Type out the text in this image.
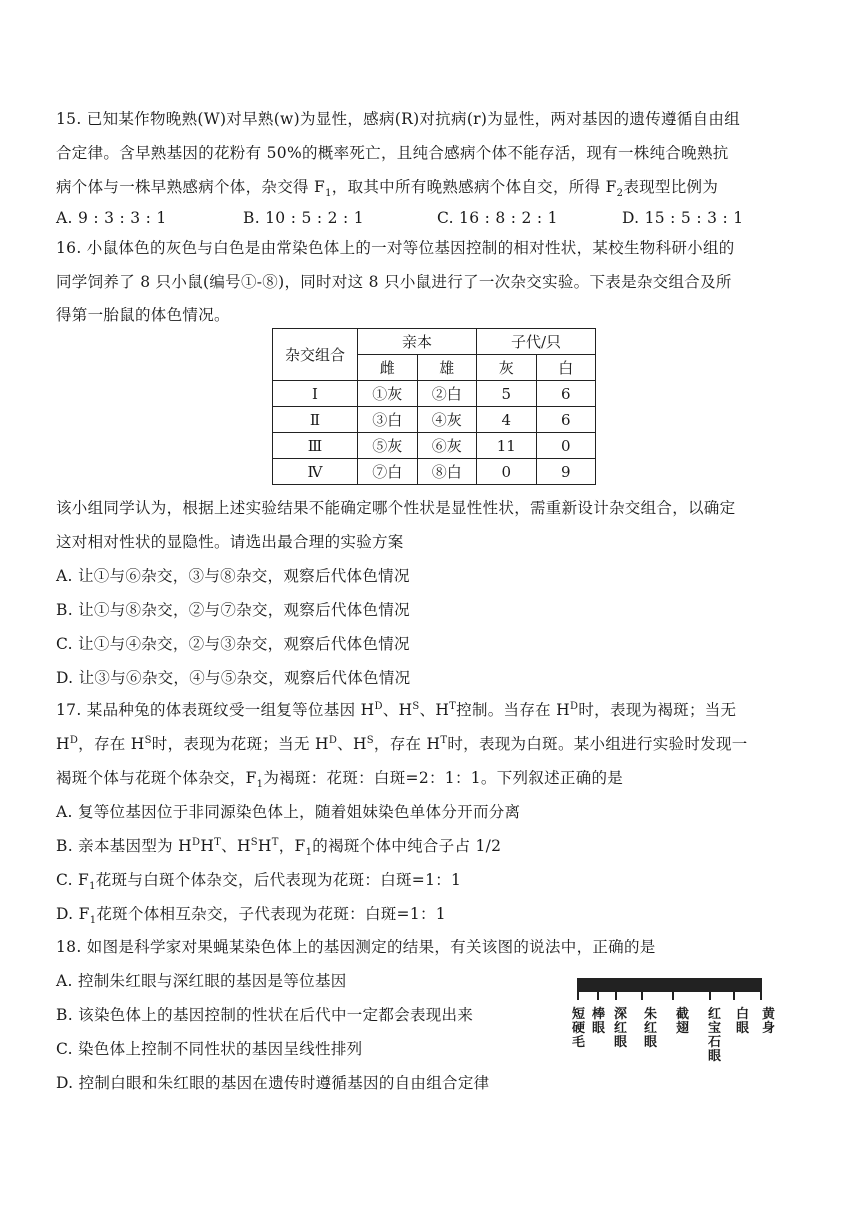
15. 已知某作物晚熟(W)对早熟(w)为显性，感病(R)对抗病(r)为显性，两对基因的遗传遵循自由组
合定律。含早熟基因的花粉有 50%的概率死亡，且纯合感病个体不能存活，现有一株纯合晚熟抗
病个体与一株早熟感病个体，杂交得 $F_1$，取其中所有晚熟感病个体自交，所得 $F_2$表现型比例为
A. 9 : 3 : 3 : 1	B. 10 : 5 : 2 : 1	C. 16 : 8 : 2 : 1	D. 15 : 5 : 3 : 1
16. 小鼠体色的灰色与白色是由常染色体上的一对等位基因控制的相对性状，某校生物科研小组的
同学饲养了 8 只小鼠(编号①-⑧)，同时对这 8 只小鼠进行了一次杂交实验。下表是杂交组合及所
得第一胎鼠的体色情况。
杂交组合	亲本		子代/只	
	雌	雄	灰	白
Ⅰ	①灰	②白	5	6
Ⅱ	③白	④灰	4	6
Ⅲ	⑤灰	⑥灰	11	0
Ⅳ	⑦白	⑧白	0	9
该小组同学认为，根据上述实验结果不能确定哪个性状是显性性状，需重新设计杂交组合，以确定
这对相对性状的显隐性。请选出最合理的实验方案
A. 让①与⑥杂交，③与⑧杂交，观察后代体色情况
B. 让①与⑧杂交，②与⑦杂交，观察后代体色情况
C. 让①与④杂交，②与③杂交，观察后代体色情况
D. 让③与⑥杂交，④与⑤杂交，观察后代体色情况
17. 某品种兔的体表斑纹受一组复等位基因 $H^D$、$H^S$、$H^T$控制。当存在 $H^D$时，表现为褐斑；当无
$H^D$，存在 $H^S$时，表现为花斑；当无 $H^D$、$H^S$，存在 $H^T$时，表现为白斑。某小组进行实验时发现一
褐斑个体与花斑个体杂交，$F_1$为褐斑：花斑：白斑=2：1：1。下列叙述正确的是
A. 复等位基因位于非同源染色体上，随着姐妹染色单体分开而分离
B. 亲本基因型为 $H^DH^T$、$H^SH^T$，$F_1$的褐斑个体中纯合子占 1/2
C. $F_1$花斑与白斑个体杂交，后代表现为花斑：白斑=1：1
D. $F_1$花斑个体相互杂交，子代表现为花斑：白斑=1：1
18. 如图是科学家对果蝇某染色体上的基因测定的结果，有关该图的说法中，正确的是
A. 控制朱红眼与深红眼的基因是等位基因
B. 该染色体上的基因控制的性状在后代中一定都会表现出来
C. 染色体上控制不同性状的基因呈线性排列
D. 控制白眼和朱红眼的基因在遗传时遵循基因的自由组合定律
短硬毛
棒眼
深红眼
朱红眼
截翅
红宝石眼
白眼
黄身
